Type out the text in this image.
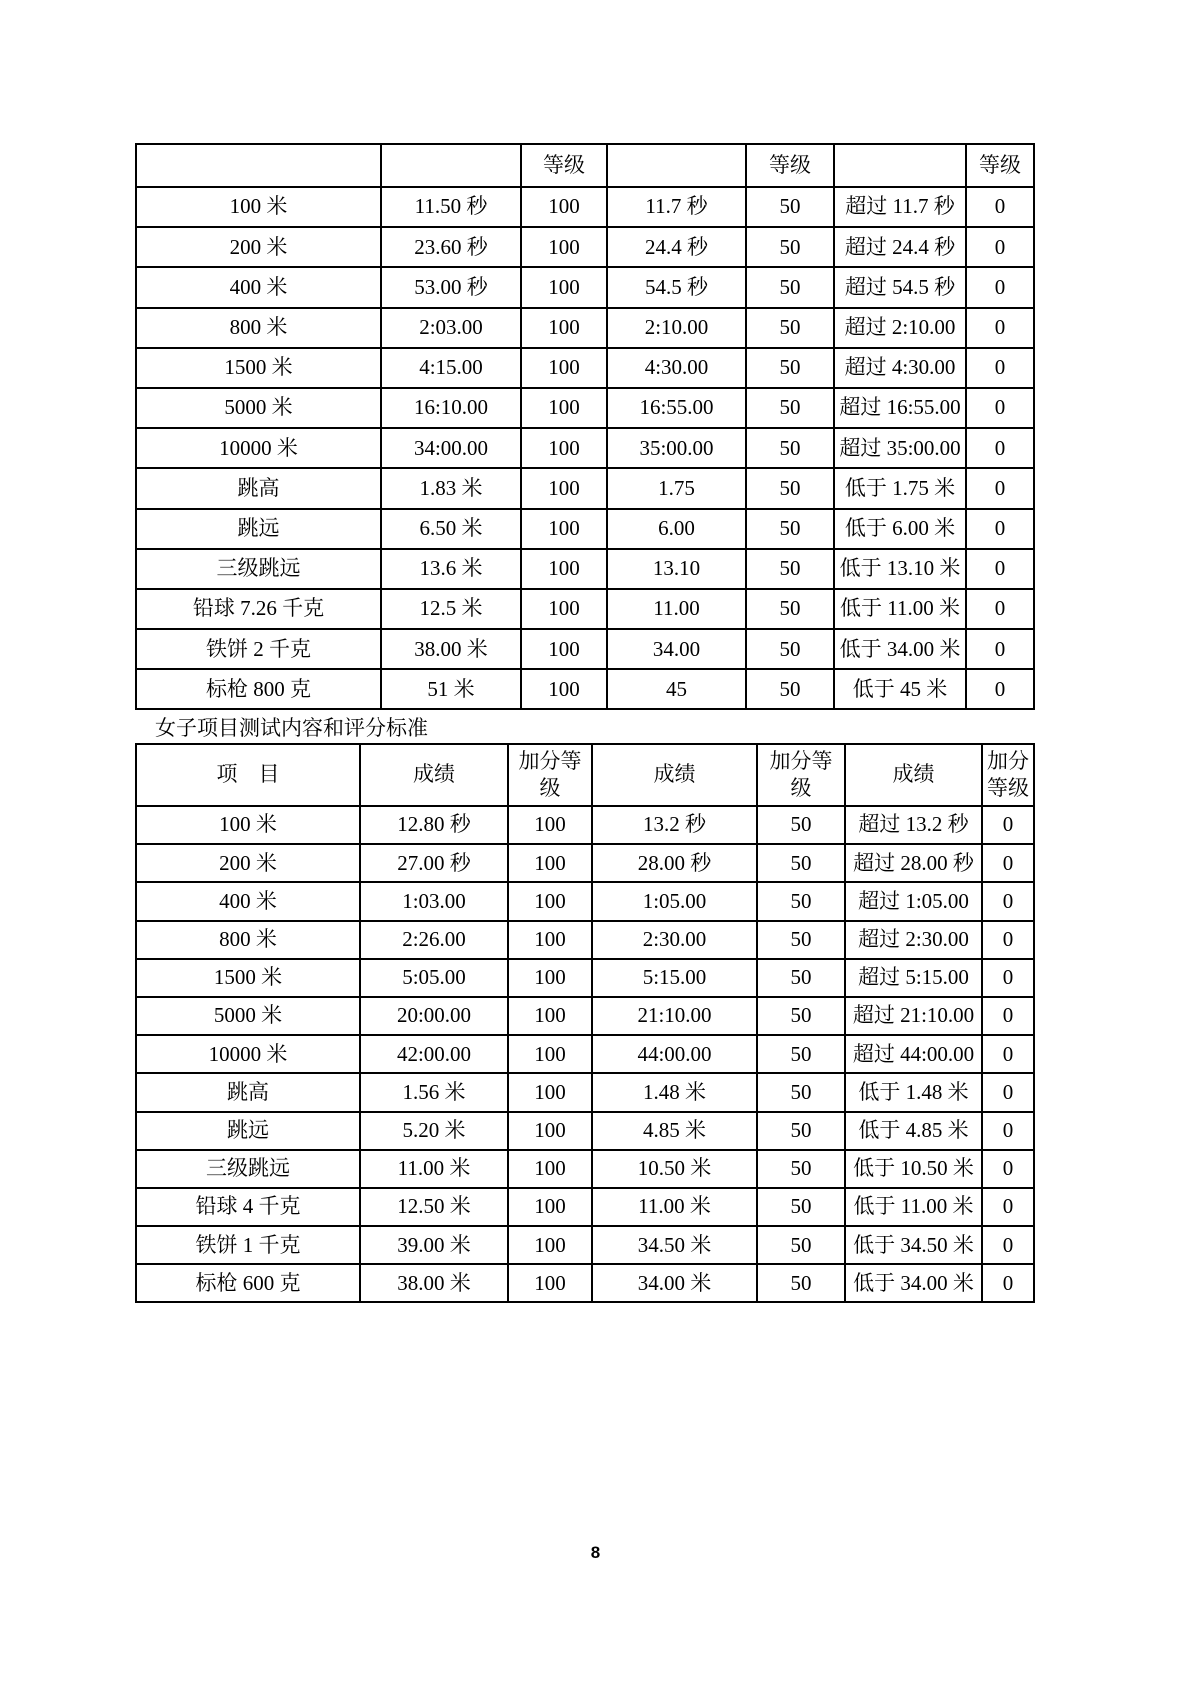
		等级		等级		等级
100 米	11.50 秒	100	11.7 秒	50	超过 11.7 秒	0
200 米	23.60 秒	100	24.4 秒	50	超过 24.4 秒	0
400 米	53.00 秒	100	54.5 秒	50	超过 54.5 秒	0
800 米	2:03.00	100	2:10.00	50	超过 2:10.00	0
1500 米	4:15.00	100	4:30.00	50	超过 4:30.00	0
5000 米	16:10.00	100	16:55.00	50	超过 16:55.00	0
10000 米	34:00.00	100	35:00.00	50	超过 35:00.00	0
跳高	1.83 米	100	1.75	50	低于 1.75 米	0
跳远	6.50 米	100	6.00	50	低于 6.00 米	0
三级跳远	13.6 米	100	13.10	50	低于 13.10 米	0
铅球 7.26 千克	12.5 米	100	11.00	50	低于 11.00 米	0
铁饼 2 千克	38.00 米	100	34.00	50	低于 34.00 米	0
标枪 800 克	51 米	100	45	50	低于 45 米	0
女子项目测试内容和评分标准
项　目	成绩	加分等级	成绩	加分等级	成绩	加分等级
100 米	12.80 秒	100	13.2 秒	50	超过 13.2 秒	0
200 米	27.00 秒	100	28.00 秒	50	超过 28.00 秒	0
400 米	1:03.00	100	1:05.00	50	超过 1:05.00	0
800 米	2:26.00	100	2:30.00	50	超过 2:30.00	0
1500 米	5:05.00	100	5:15.00	50	超过 5:15.00	0
5000 米	20:00.00	100	21:10.00	50	超过 21:10.00	0
10000 米	42:00.00	100	44:00.00	50	超过 44:00.00	0
跳高	1.56 米	100	1.48 米	50	低于 1.48 米	0
跳远	5.20 米	100	4.85 米	50	低于 4.85 米	0
三级跳远	11.00 米	100	10.50 米	50	低于 10.50 米	0
铅球 4 千克	12.50 米	100	11.00 米	50	低于 11.00 米	0
铁饼 1 千克	39.00 米	100	34.50 米	50	低于 34.50 米	0
标枪 600 克	38.00 米	100	34.00 米	50	低于 34.00 米	0
8
